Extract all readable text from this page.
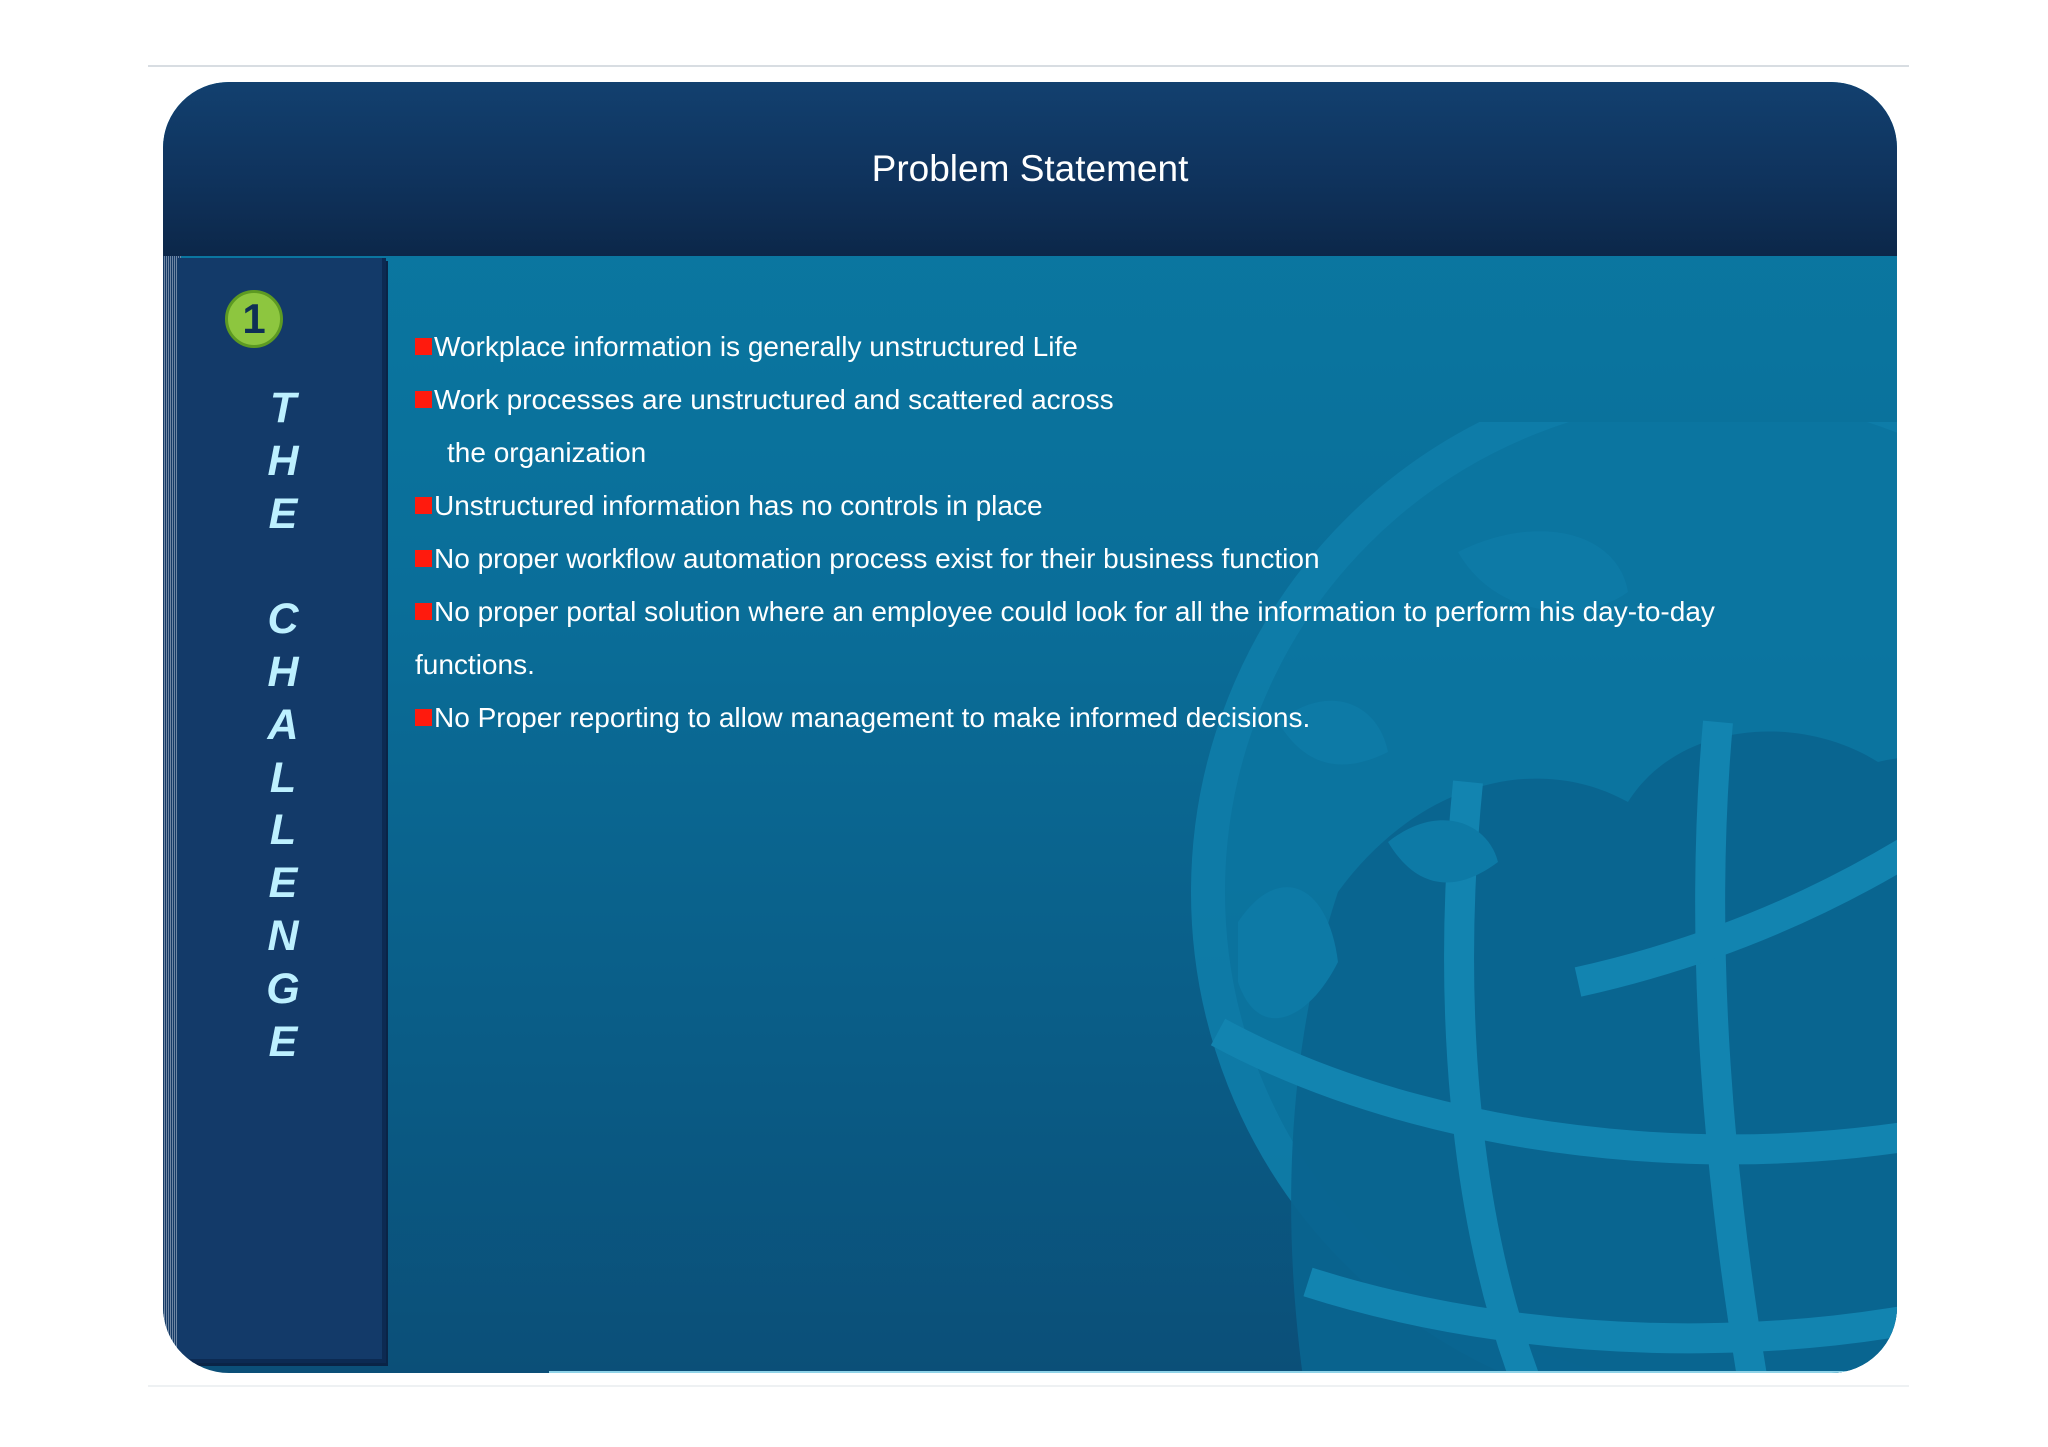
Problem Statement
1
T
H
E

C
H
A
L
L
E
N
G
E
Workplace information is generally unstructured Life
Work processes are unstructured and scattered across
the organization
Unstructured information has no controls in place
No proper workflow automation process exist for their business function
No proper portal solution where an employee could look for all the information to perform his day-to-day
functions.
No Proper reporting to allow management to make informed decisions.
